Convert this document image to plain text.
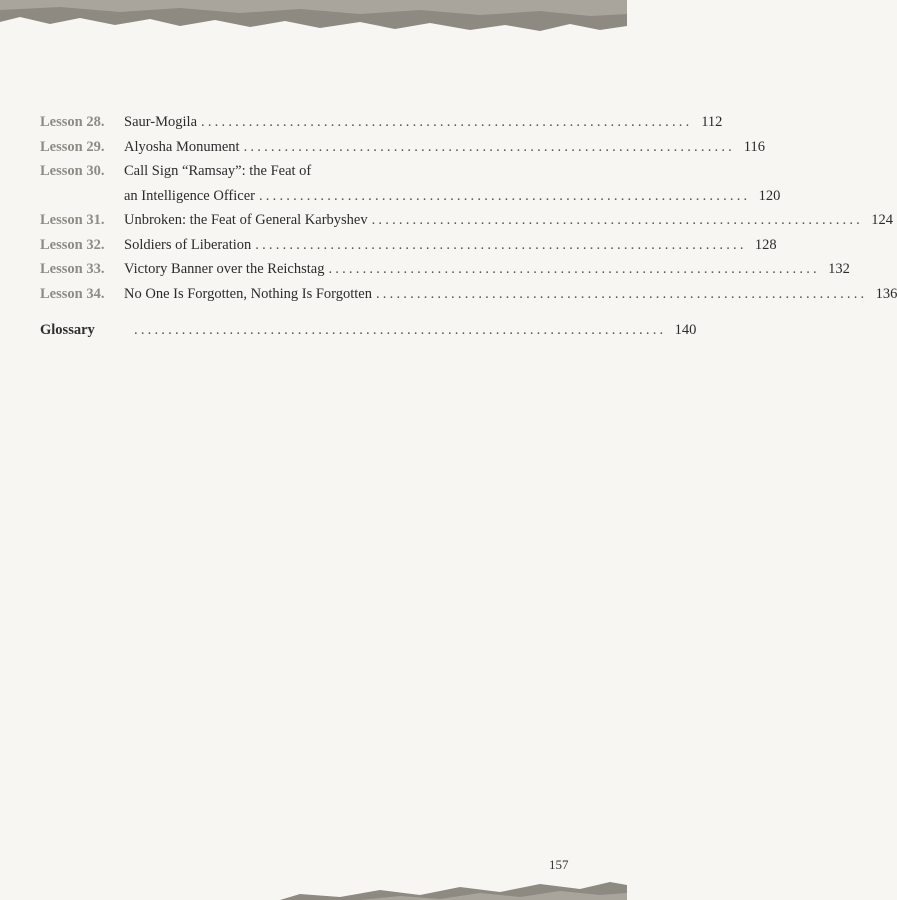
Lesson 28.	Saur-Mogila ........................................................................ 112
Lesson 29.	Alyosha Monument ........................................................................ 116
Lesson 30.	Call Sign “Ramsay”: the Feat of
an Intelligence Officer ........................................................................ 120
Lesson 31.	Unbroken: the Feat of General Karbyshev ........................................................................ 124
Lesson 32.	Soldiers of Liberation ........................................................................ 128
Lesson 33.	Victory Banner over the Reichstag ........................................................................ 132
Lesson 34.	No One Is Forgotten, Nothing Is Forgotten ........................................................................ 136
Glossary	.............................................................................. 140
157
